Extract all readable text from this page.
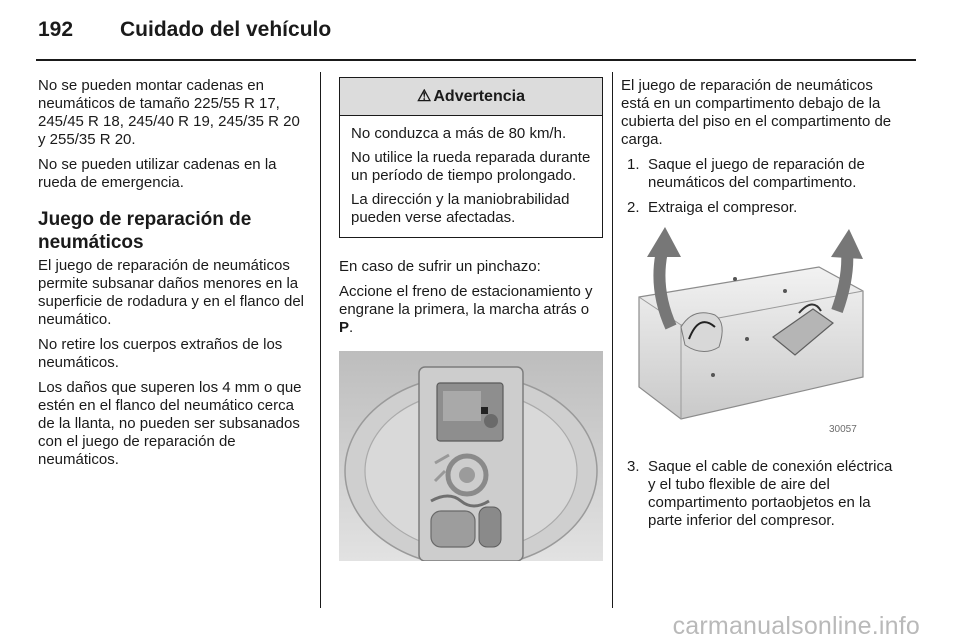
192 Cuidado del vehículo

No se pueden montar cadenas en neumáticos de tamaño 225/55 R 17, 245/45 R 18, 245/40 R 19, 245/35 R 20 y 255/35 R 20.

No se pueden utilizar cadenas en la rueda de emergencia.

Juego de reparación de neumáticos

El juego de reparación de neumáticos permite subsanar daños menores en la superficie de rodadura y en el flanco del neumático.

No retire los cuerpos extraños de los neumáticos.

Los daños que superen los 4 mm o que estén en el flanco del neumático cerca de la llanta, no pueden ser subsanados con el juego de reparación de neumáticos.

⚠ Advertencia

No conduzca a más de 80 km/h.

No utilice la rueda reparada durante un período de tiempo prolongado.

La dirección y la maniobrabilidad pueden verse afectadas.

En caso de sufrir un pinchazo:

Accione el freno de estacionamiento y engrane la primera, la marcha atrás o P.

El juego de reparación de neumáticos está en un compartimento debajo de la cubierta del piso en el compartimento de carga.

1. Saque el juego de reparación de neumáticos del compartimento.
2. Extraiga el compresor.
30057
3. Saque el cable de conexión eléctrica y el tubo flexible de aire del compartimento portaobjetos en la parte inferior del compresor.
carmanualsonline.info
